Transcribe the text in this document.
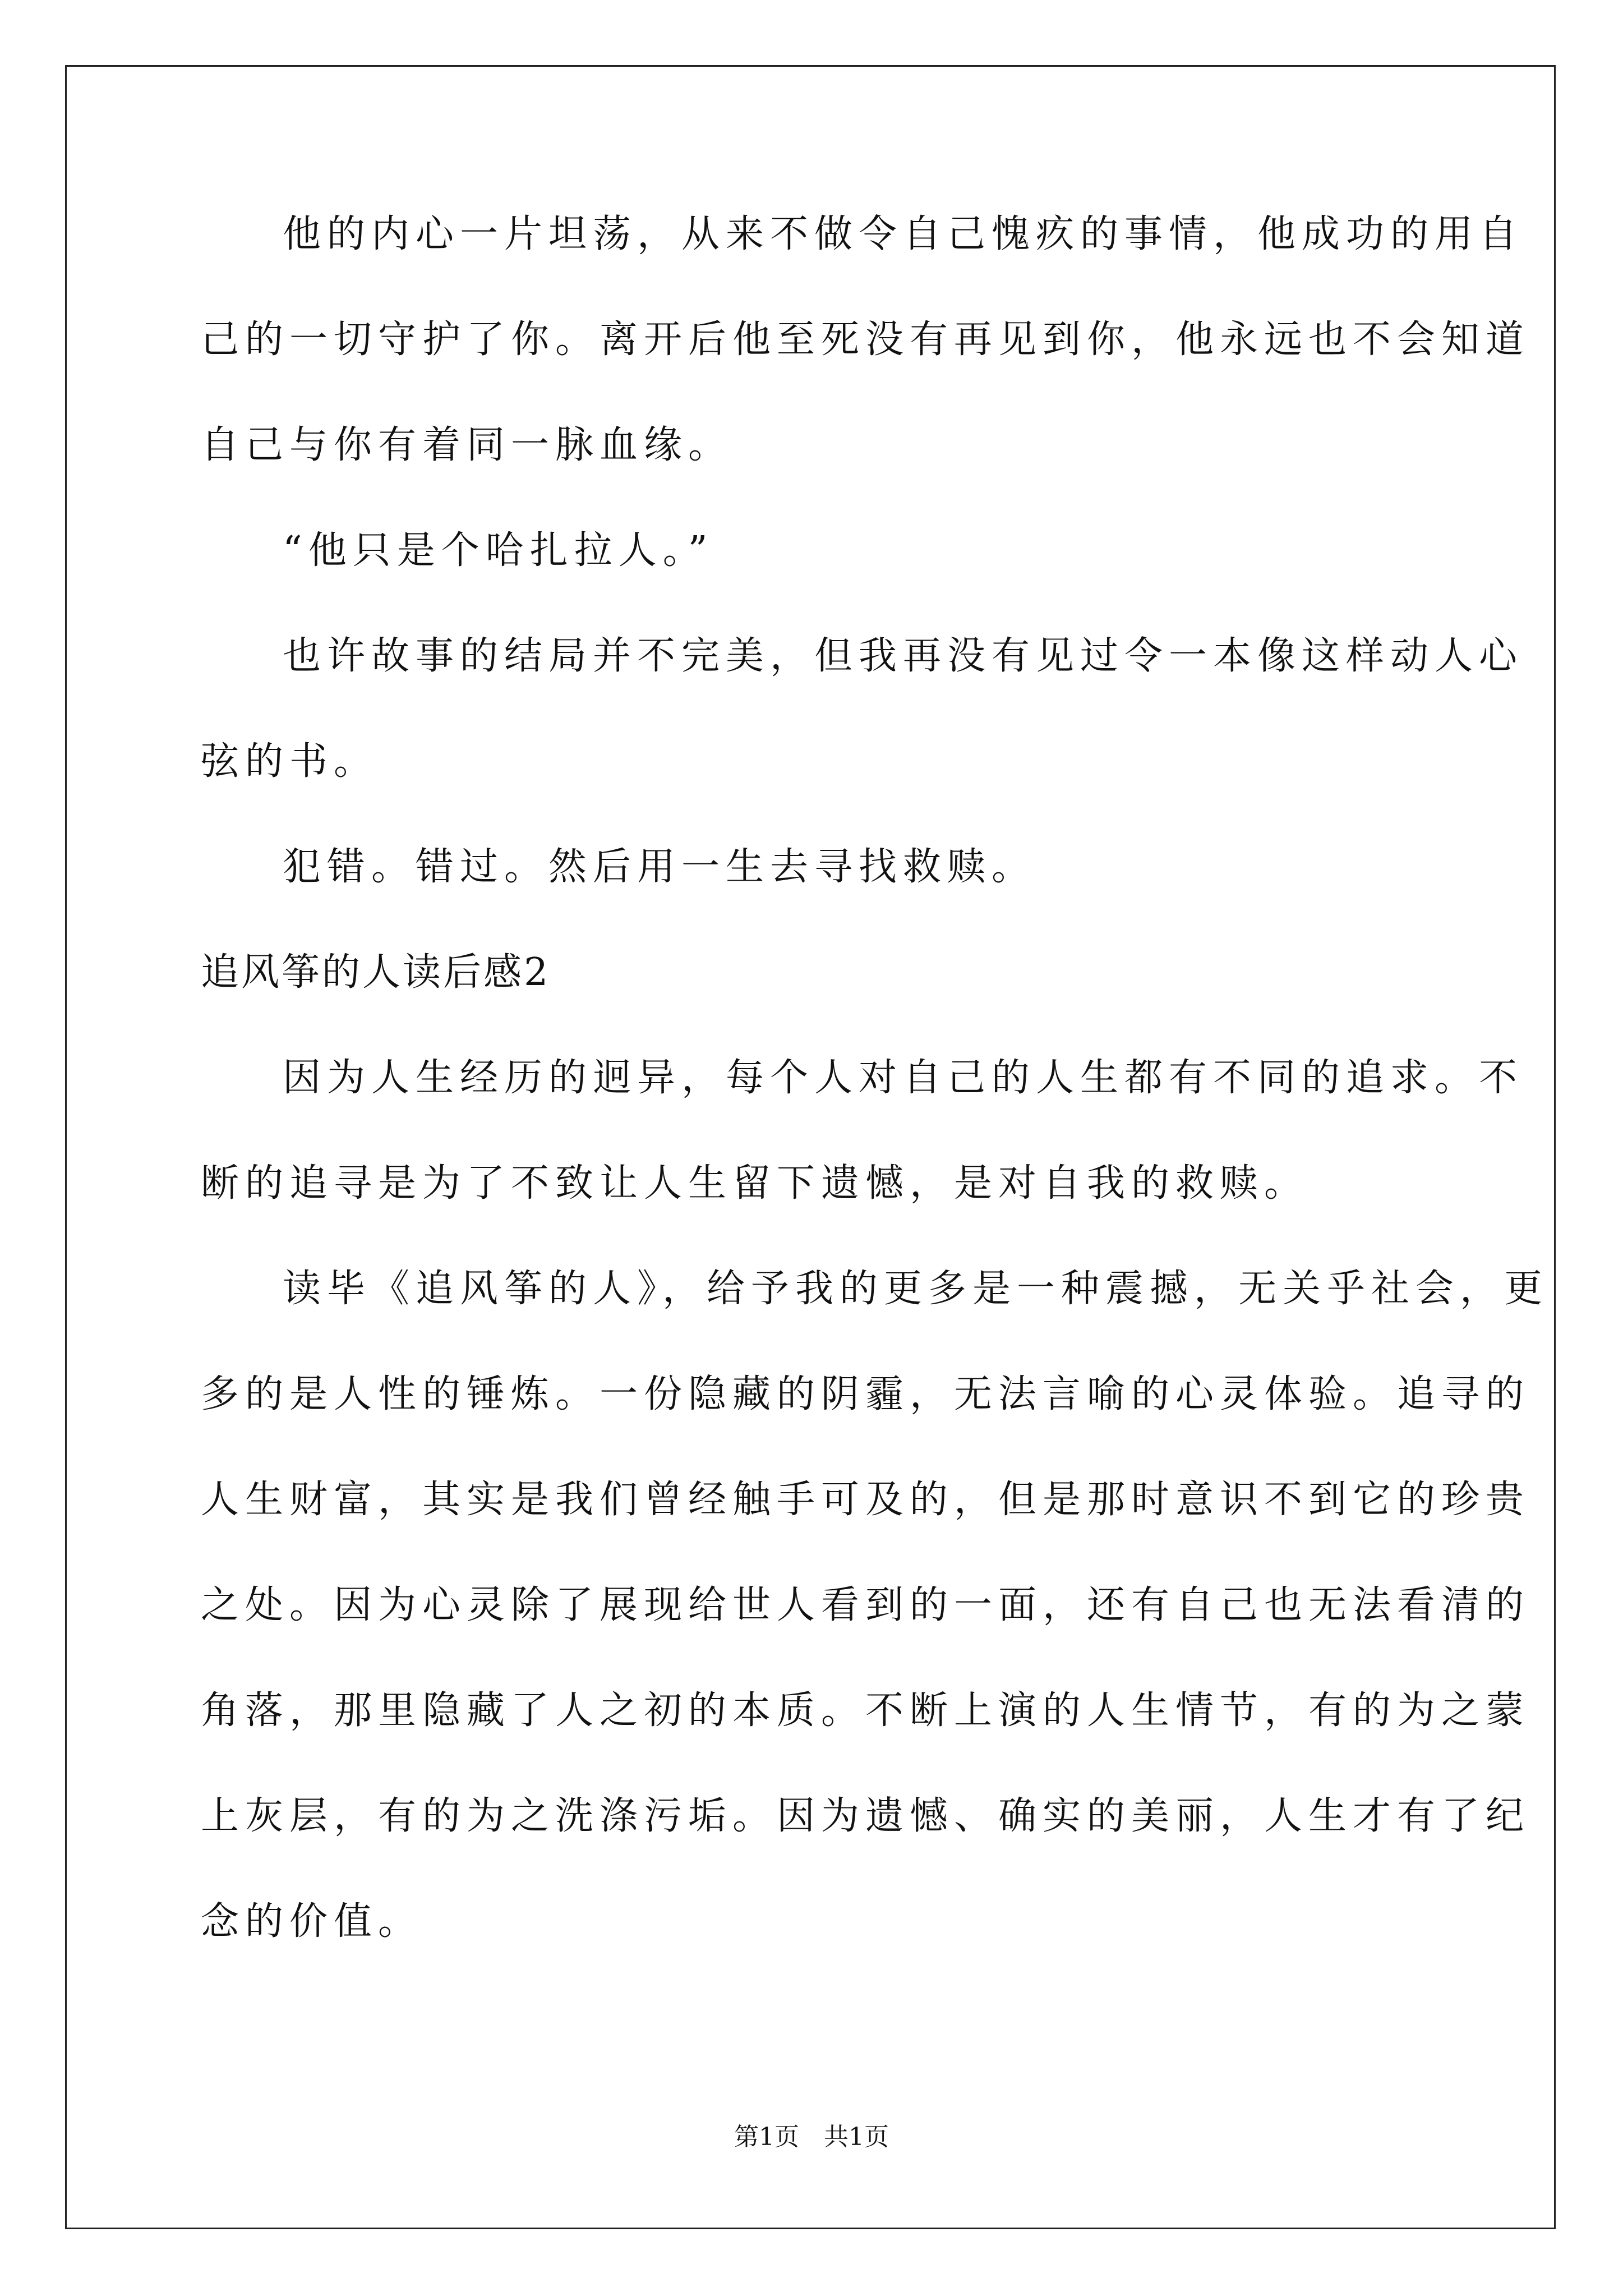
他的内心一片坦荡，从来不做令自己愧疚的事情，他成功的用自
己的一切守护了你。离开后他至死没有再见到你，他永远也不会知道
自己与你有着同一脉血缘。
“他只是个哈扎拉人。”
也许故事的结局并不完美，但我再没有见过令一本像这样动人心
弦的书。
犯错。错过。然后用一生去寻找救赎。
追风筝的人读后感2
因为人生经历的迥异，每个人对自己的人生都有不同的追求。不
断的追寻是为了不致让人生留下遗憾，是对自我的救赎。
读毕《追风筝的人》，给予我的更多是一种震撼，无关乎社会，更
多的是人性的锤炼。一份隐藏的阴霾，无法言喻的心灵体验。追寻的
人生财富，其实是我们曾经触手可及的，但是那时意识不到它的珍贵
之处。因为心灵除了展现给世人看到的一面，还有自己也无法看清的
角落，那里隐藏了人之初的本质。不断上演的人生情节，有的为之蒙
上灰层，有的为之洗涤污垢。因为遗憾、确实的美丽，人生才有了纪
念的价值。
第1页　共1页
